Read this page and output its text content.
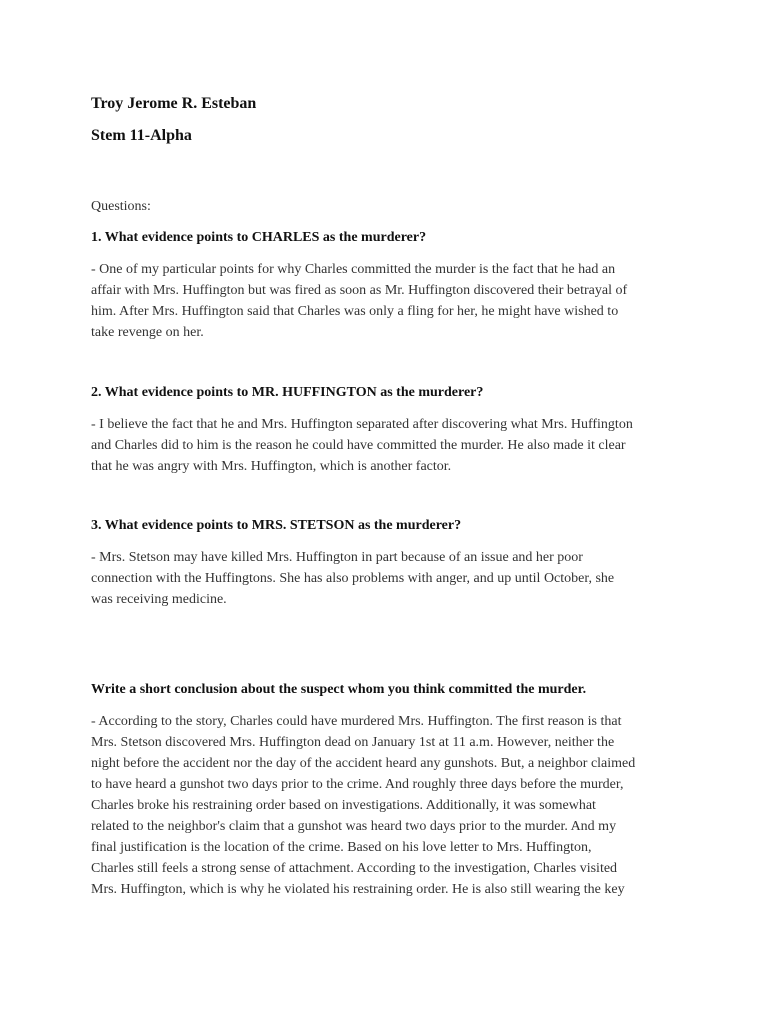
Troy Jerome R. Esteban

Stem 11-Alpha

Questions:

1. What evidence points to CHARLES as the murderer?

- One of my particular points for why Charles committed the murder is the fact that he had an
affair with Mrs. Huffington but was fired as soon as Mr. Huffington discovered their betrayal of
him. After Mrs. Huffington said that Charles was only a fling for her, he might have wished to
take revenge on her.

2. What evidence points to MR. HUFFINGTON as the murderer?

- I believe the fact that he and Mrs. Huffington separated after discovering what Mrs. Huffington
and Charles did to him is the reason he could have committed the murder. He also made it clear
that he was angry with Mrs. Huffington, which is another factor.

3. What evidence points to MRS. STETSON as the murderer?

- Mrs. Stetson may have killed Mrs. Huffington in part because of an issue and her poor
connection with the Huffingtons. She has also problems with anger, and up until October, she
was receiving medicine.

Write a short conclusion about the suspect whom you think committed the murder.

- According to the story, Charles could have murdered Mrs. Huffington. The first reason is that
Mrs. Stetson discovered Mrs. Huffington dead on January 1st at 11 a.m. However, neither the
night before the accident nor the day of the accident heard any gunshots. But, a neighbor claimed
to have heard a gunshot two days prior to the crime. And roughly three days before the murder,
Charles broke his restraining order based on investigations. Additionally, it was somewhat
related to the neighbor's claim that a gunshot was heard two days prior to the murder. And my
final justification is the location of the crime. Based on his love letter to Mrs. Huffington,
Charles still feels a strong sense of attachment. According to the investigation, Charles visited
Mrs. Huffington, which is why he violated his restraining order. He is also still wearing the key
